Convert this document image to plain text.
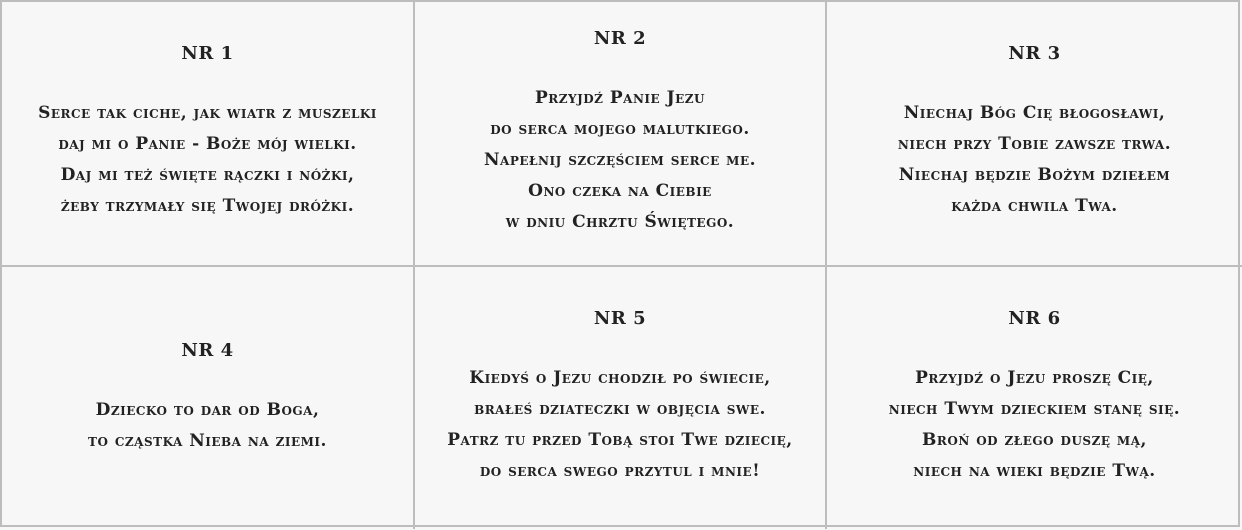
NR 1
Serce tak ciche, jak wiatr z muszelki
daj mi o Panie - Boże mój wielki.
Daj mi też święte rączki i nóżki,
żeby trzymały się Twojej dróżki.
NR 2
Przyjdź Panie Jezu
do serca mojego malutkiego.
Napełnij szczęściem serce me.
Ono czeka na Ciebie
w dniu Chrztu Świętego.
NR 3
Niechaj Bóg Cię błogosławi,
niech przy Tobie zawsze trwa.
Niechaj będzie Bożym dziełem
każda chwila Twa.
NR 4
Dziecko to dar od Boga,
to cząstka Nieba na ziemi.
NR 5
Kiedyś o Jezu chodził po świecie,
brałeś dziateczki w objęcia swe.
Patrz tu przed Tobą stoi Twe dziecię,
do serca swego przytul i mnie!
NR 6
Przyjdź o Jezu proszę Cię,
niech Twym dzieckiem stanę się.
Broń od złego duszę mą,
niech na wieki będzie Twą.
